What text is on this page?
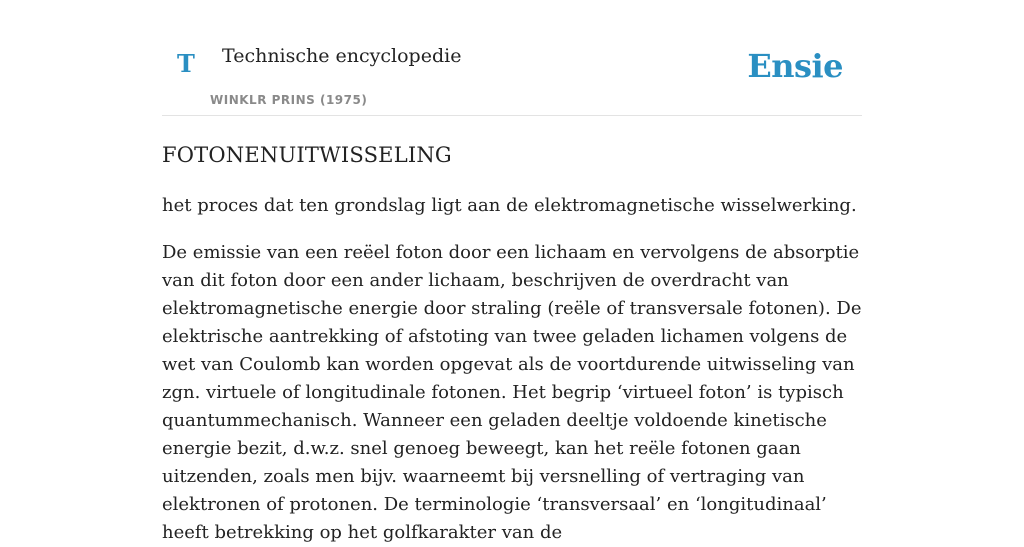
T Technische encyclopedie
WINKLR PRINS (1975)
Ensie
FOTONENUITWISSELING

het proces dat ten grondslag ligt aan de elektromagnetische wisselwerking.

De emissie van een reëel foton door een lichaam en vervolgens de absorptie van dit foton door een ander lichaam, beschrijven de overdracht van elektromagnetische energie door straling (reële of transversale fotonen). De elektrische aantrekking of afstoting van twee geladen lichamen volgens de wet van Coulomb kan worden opgevat als de voortdurende uitwisseling van zgn. virtuele of longitudinale fotonen. Het begrip ‘virtueel foton’ is typisch quantummechanisch. Wanneer een geladen deeltje voldoende kinetische energie bezit, d.w.z. snel genoeg beweegt, kan het reële fotonen gaan uitzenden, zoals men bijv. waarneemt bij versnelling of vertraging van elektronen of protonen. De terminologie ‘transversaal’ en ‘longitudinaal’ heeft betrekking op het golfkarakter van de
